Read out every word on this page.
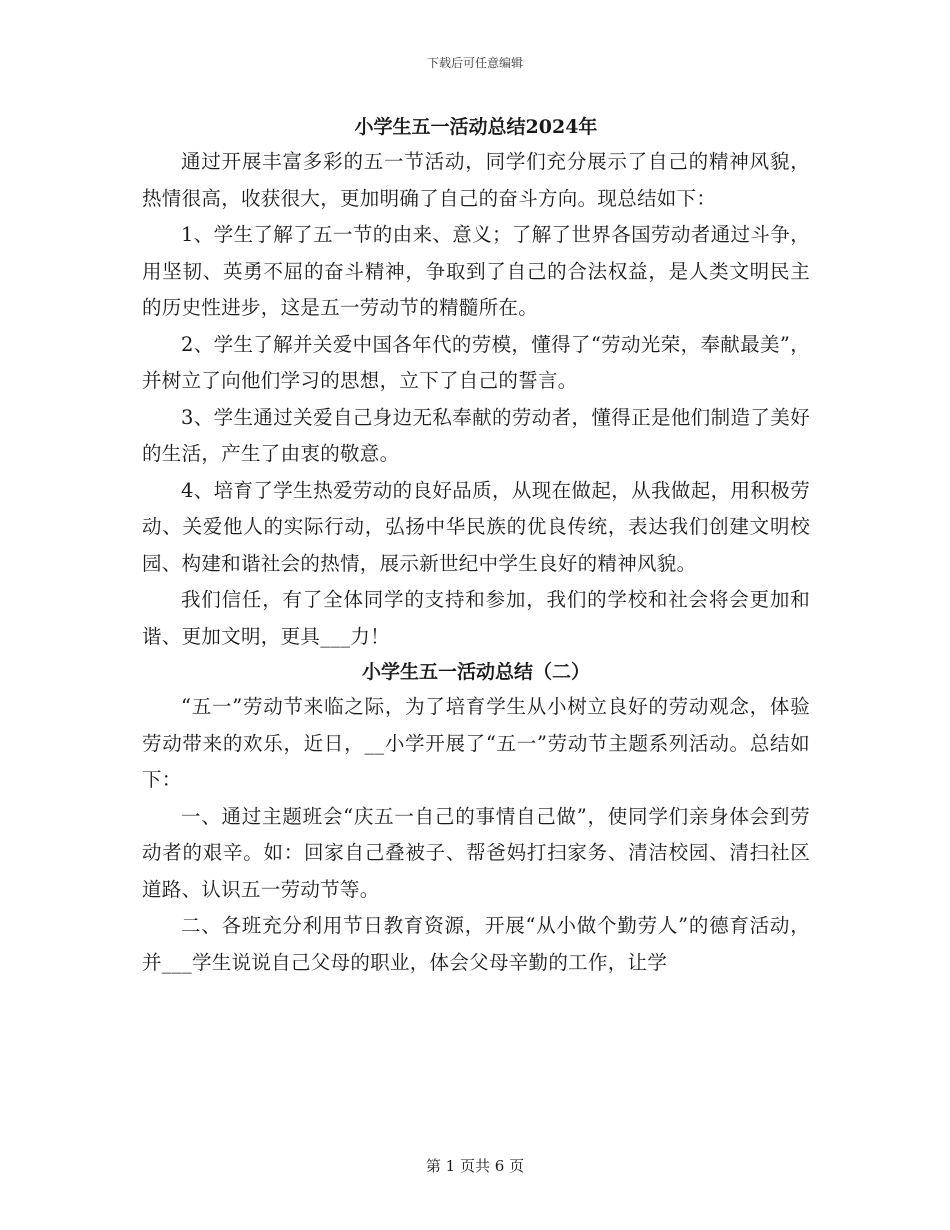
下载后可任意编辑
小学生五一活动总结2024年

通过开展丰富多彩的五一节活动，同学们充分展示了自己的精神风貌，热情很高，收获很大，更加明确了自己的奋斗方向。现总结如下：

1、学生了解了五一节的由来、意义；了解了世界各国劳动者通过斗争，用坚韧、英勇不屈的奋斗精神，争取到了自己的合法权益，是人类文明民主的历史性进步，这是五一劳动节的精髓所在。

2、学生了解并关爱中国各年代的劳模，懂得了“劳动光荣，奉献最美”，并树立了向他们学习的思想，立下了自己的誓言。

3、学生通过关爱自己身边无私奉献的劳动者，懂得正是他们制造了美好的生活，产生了由衷的敬意。

4、培育了学生热爱劳动的良好品质，从现在做起，从我做起，用积极劳动、关爱他人的实际行动，弘扬中华民族的优良传统，表达我们创建文明校园、构建和谐社会的热情，展示新世纪中学生良好的精神风貌。

我们信任，有了全体同学的支持和参加，我们的学校和社会将会更加和谐、更加文明，更具___力！

小学生五一活动总结（二）

“五一”劳动节来临之际，为了培育学生从小树立良好的劳动观念，体验劳动带来的欢乐，近日，__小学开展了“五一”劳动节主题系列活动。总结如下：

一、通过主题班会“庆五一自己的事情自己做”，使同学们亲身体会到劳动者的艰辛。如：回家自己叠被子、帮爸妈打扫家务、清洁校园、清扫社区道路、认识五一劳动节等。

二、各班充分利用节日教育资源，开展“从小做个勤劳人”的德育活动，并___学生说说自己父母的职业，体会父母辛勤的工作，让学

第 1 页共 6 页
